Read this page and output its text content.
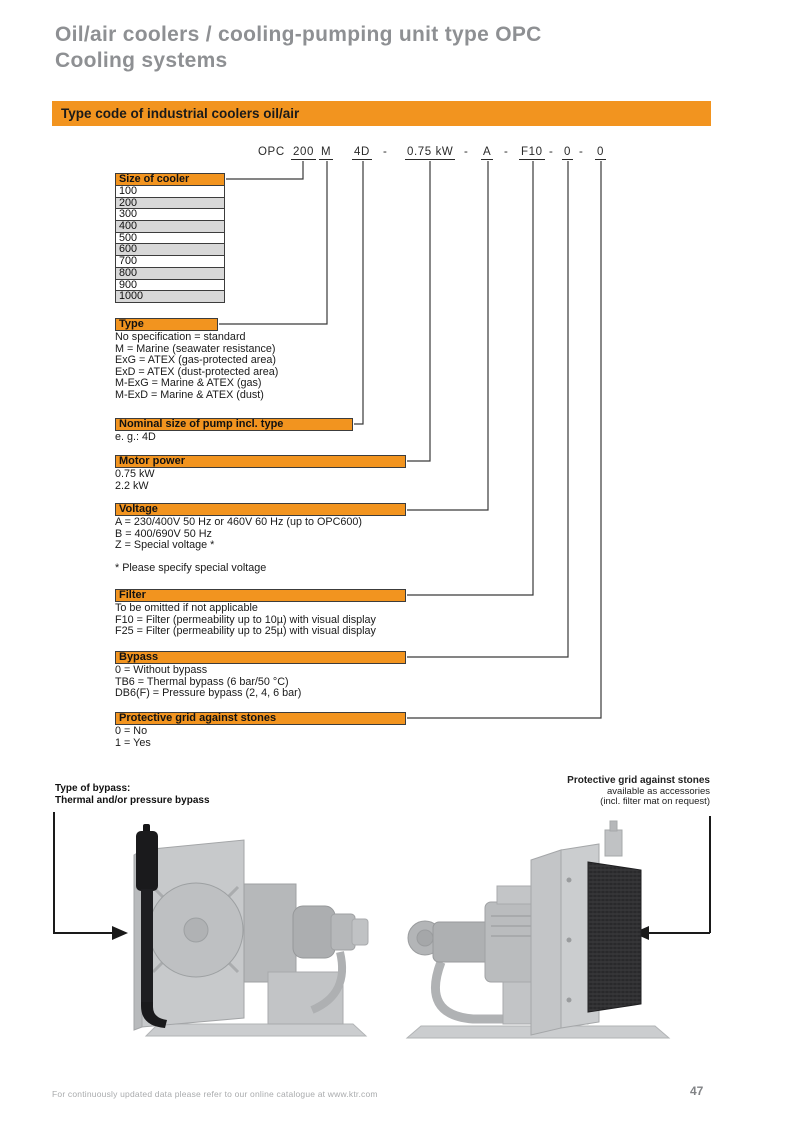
Oil/air coolers / cooling-pumping unit type OPC
Cooling systems
Type code of industrial coolers oil/air
OPC 200 M 4D - 0.75 kW - A - F10 - 0 - 0
Size of cooler
100
200
300
400
500
600
700
800
900
1000
Type
No specification = standard
M = Marine (seawater resistance)
ExG = ATEX (gas-protected area)
ExD = ATEX (dust-protected area)
M-ExG = Marine & ATEX (gas)
M-ExD = Marine & ATEX (dust)
Nominal size of pump incl. type
e. g.: 4D
Motor power
0.75 kW
2.2 kW
Voltage
A = 230/400V 50 Hz or 460V 60 Hz (up to OPC600)
B = 400/690V 50 Hz
Z = Special voltage *
* Please specify special voltage
Filter
To be omitted if not applicable
F10 = Filter (permeability up to 10µ) with visual display
F25 = Filter (permeability up to 25µ) with visual display
Bypass
0 = Without bypass
TB6 = Thermal bypass (6 bar/50 °C)
DB6(F) = Pressure bypass (2, 4, 6 bar)
Protective grid against stones
0 = No
1 = Yes
Type of bypass:
Thermal and/or pressure bypass
Protective grid against stones
available as accessories
(incl. filter mat on request)
For continuously updated data please refer to our online catalogue at www.ktr.com	47
